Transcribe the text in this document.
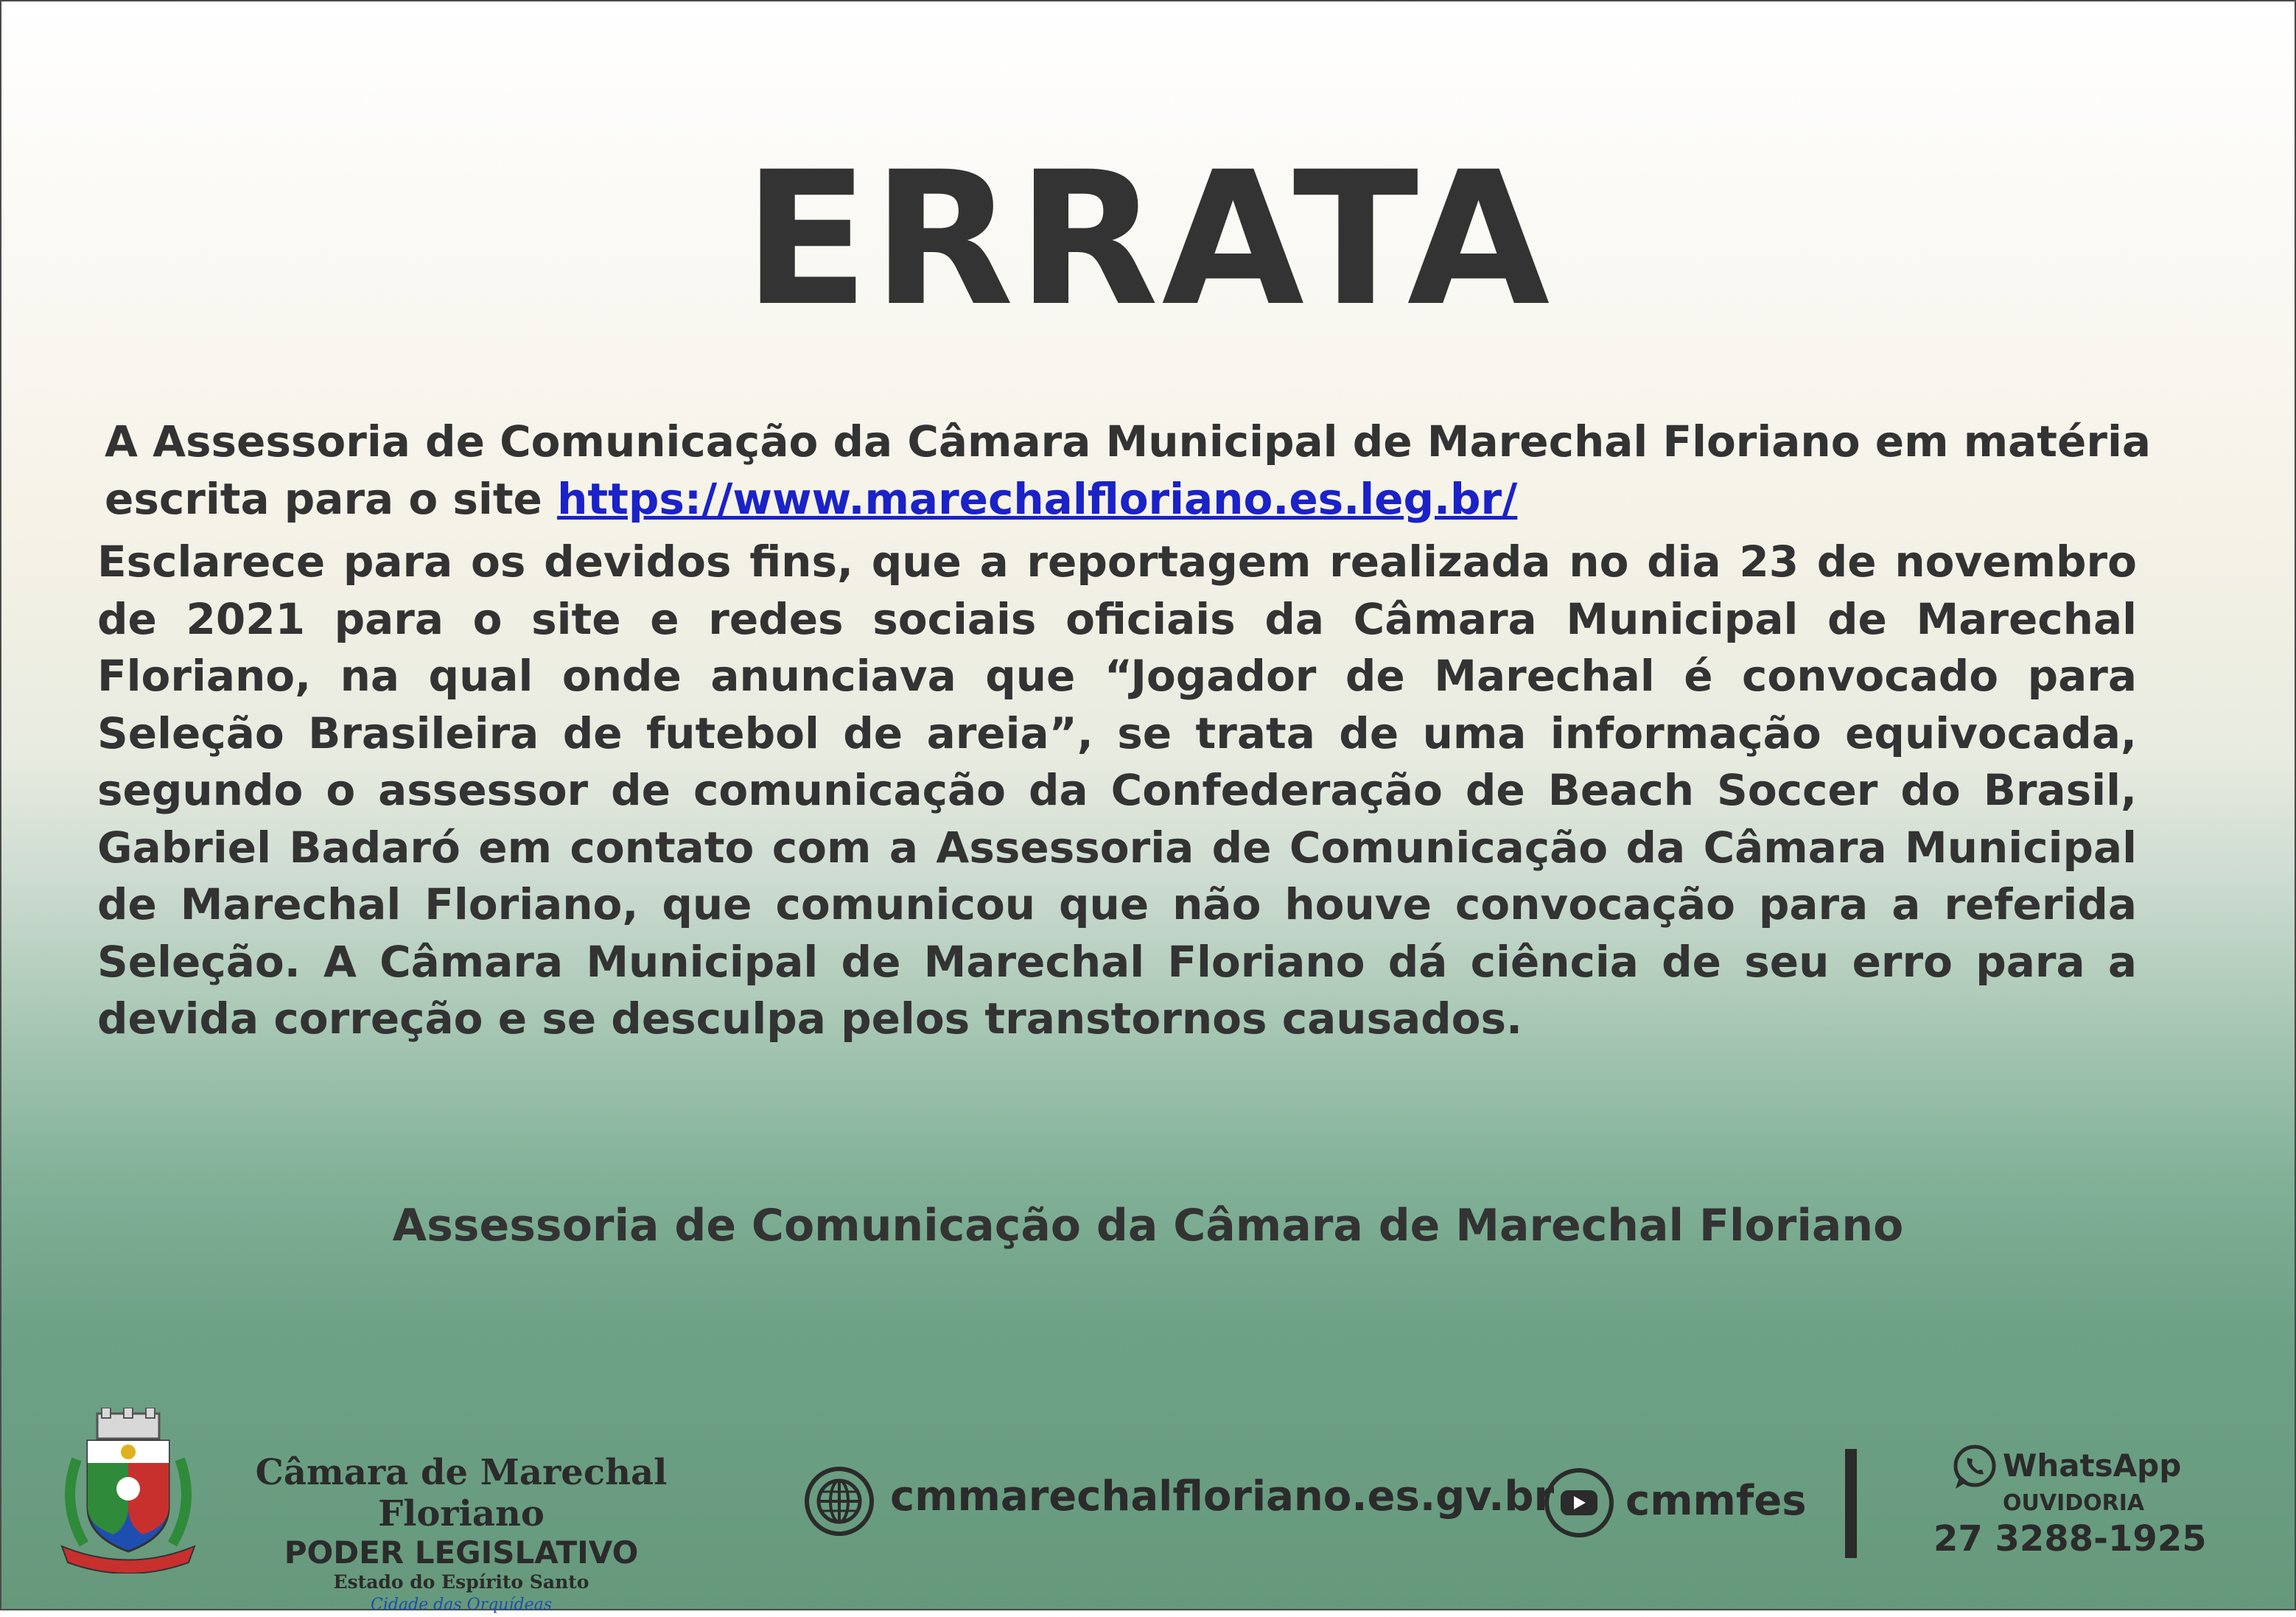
ERRATA
A Assessoria de Comunicação da Câmara Municipal de Marechal Floriano em matéria escrita para o site https://www.marechalfloriano.es.leg.br/
Esclarece para os devidos fins, que a reportagem realizada no dia 23 de novembro de 2021 para o site e redes sociais oficiais da Câmara Municipal de Marechal Floriano, na qual onde anunciava que “Jogador de Marechal é convocado para Seleção Brasileira de futebol de areia”, se trata de uma informação equivocada, segundo o assessor de comunicação da Confederação de Beach Soccer do Brasil, Gabriel Badaró em contato com a Assessoria de Comunicação da Câmara Municipal de Marechal Floriano, que comunicou que não houve convocação para a referida Seleção. A Câmara Municipal de Marechal Floriano dá ciência de seu erro para a devida correção e se desculpa pelos transtornos causados.
Assessoria de Comunicação da Câmara de Marechal Floriano
Câmara de Marechal Floriano
PODER LEGISLATIVO
Estado do Espírito Santo
Cidade das Orquídeas
cmmarechalfloriano.es.gv.br cmmfes
WhatsApp
OUVIDORIA
27 3288-1925
